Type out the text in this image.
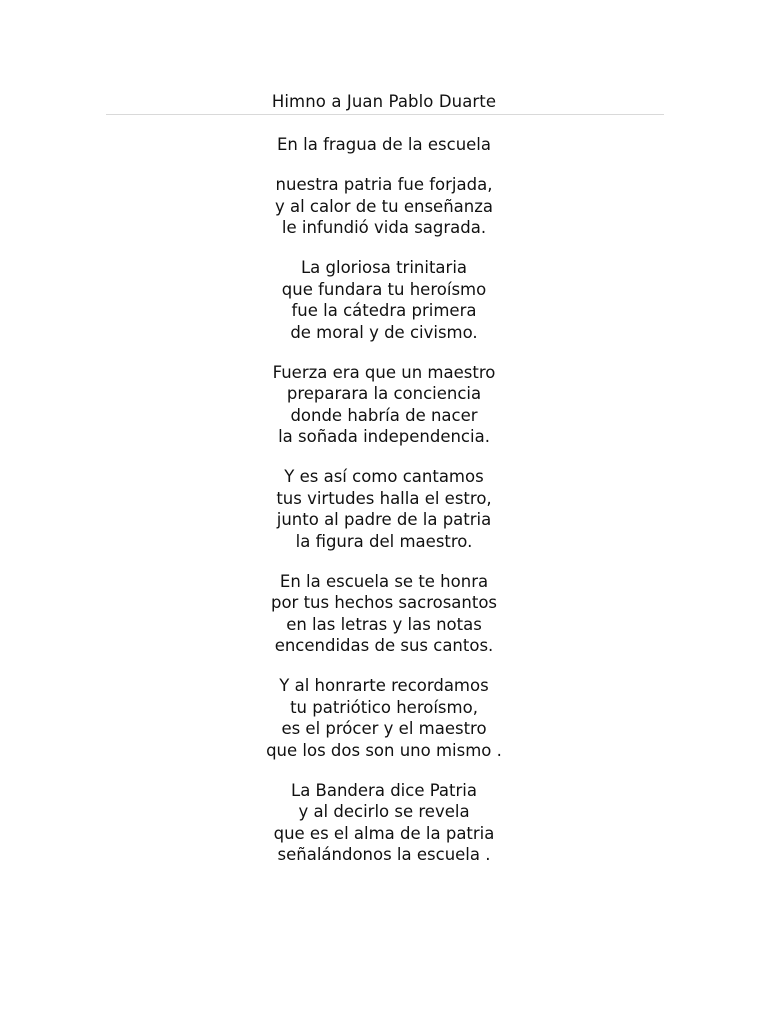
Himno a Juan Pablo Duarte
En la fragua de la escuela
nuestra patria fue forjada,
y al calor de tu enseñanza
le infundió vida sagrada.
La gloriosa trinitaria
que fundara tu heroísmo
fue la cátedra primera
de moral y de civismo.
Fuerza era que un maestro
preparara la conciencia
donde habría de nacer
la soñada independencia.
Y es así como cantamos
tus virtudes halla el estro,
junto al padre de la patria
la figura del maestro.
En la escuela se te honra
por tus hechos sacrosantos
en las letras y las notas
encendidas de sus cantos.
Y al honrarte recordamos
tu patriótico heroísmo,
es el prócer y el maestro
que los dos son uno mismo .
La Bandera dice Patria
y al decirlo se revela
que es el alma de la patria
señalándonos la escuela .
